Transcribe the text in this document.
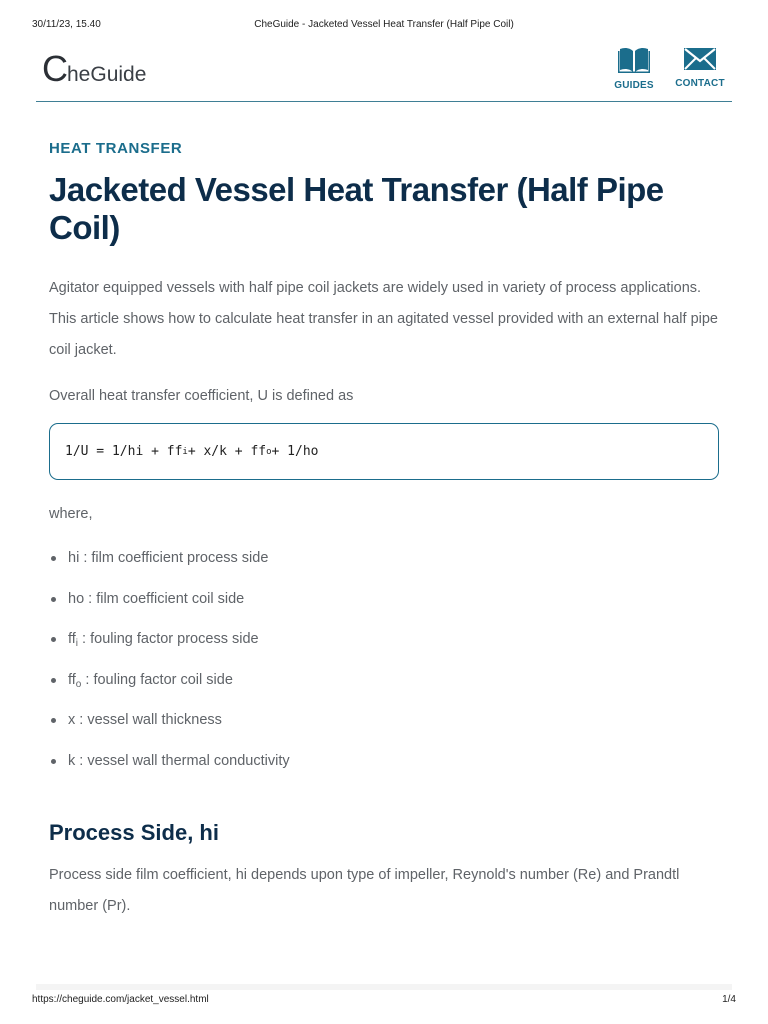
30/11/23, 15.40	CheGuide - Jacketed Vessel Heat Transfer (Half Pipe Coil)
CheGuide	GUIDES	CONTACT
HEAT TRANSFER
Jacketed Vessel Heat Transfer (Half Pipe Coil)

Agitator equipped vessels with half pipe coil jackets are widely used in variety of process applications. This article shows how to calculate heat transfer in an agitated vessel provided with an external half pipe coil jacket.

Overall heat transfer coefficient, U is defined as

1/U = 1/hi + ff i + x/k + ff o + 1/ho

where,

hi : film coefficient process side
ho : film coefficient coil side
$ff_i$ : fouling factor process side
$ff_o$ : fouling factor coil side
x : vessel wall thickness
k : vessel wall thermal conductivity
Process Side, hi

Process side film coefficient, hi depends upon type of impeller, Reynold's number (Re) and Prandtl number (Pr).

https://cheguide.com/jacket_vessel.html	1/4
